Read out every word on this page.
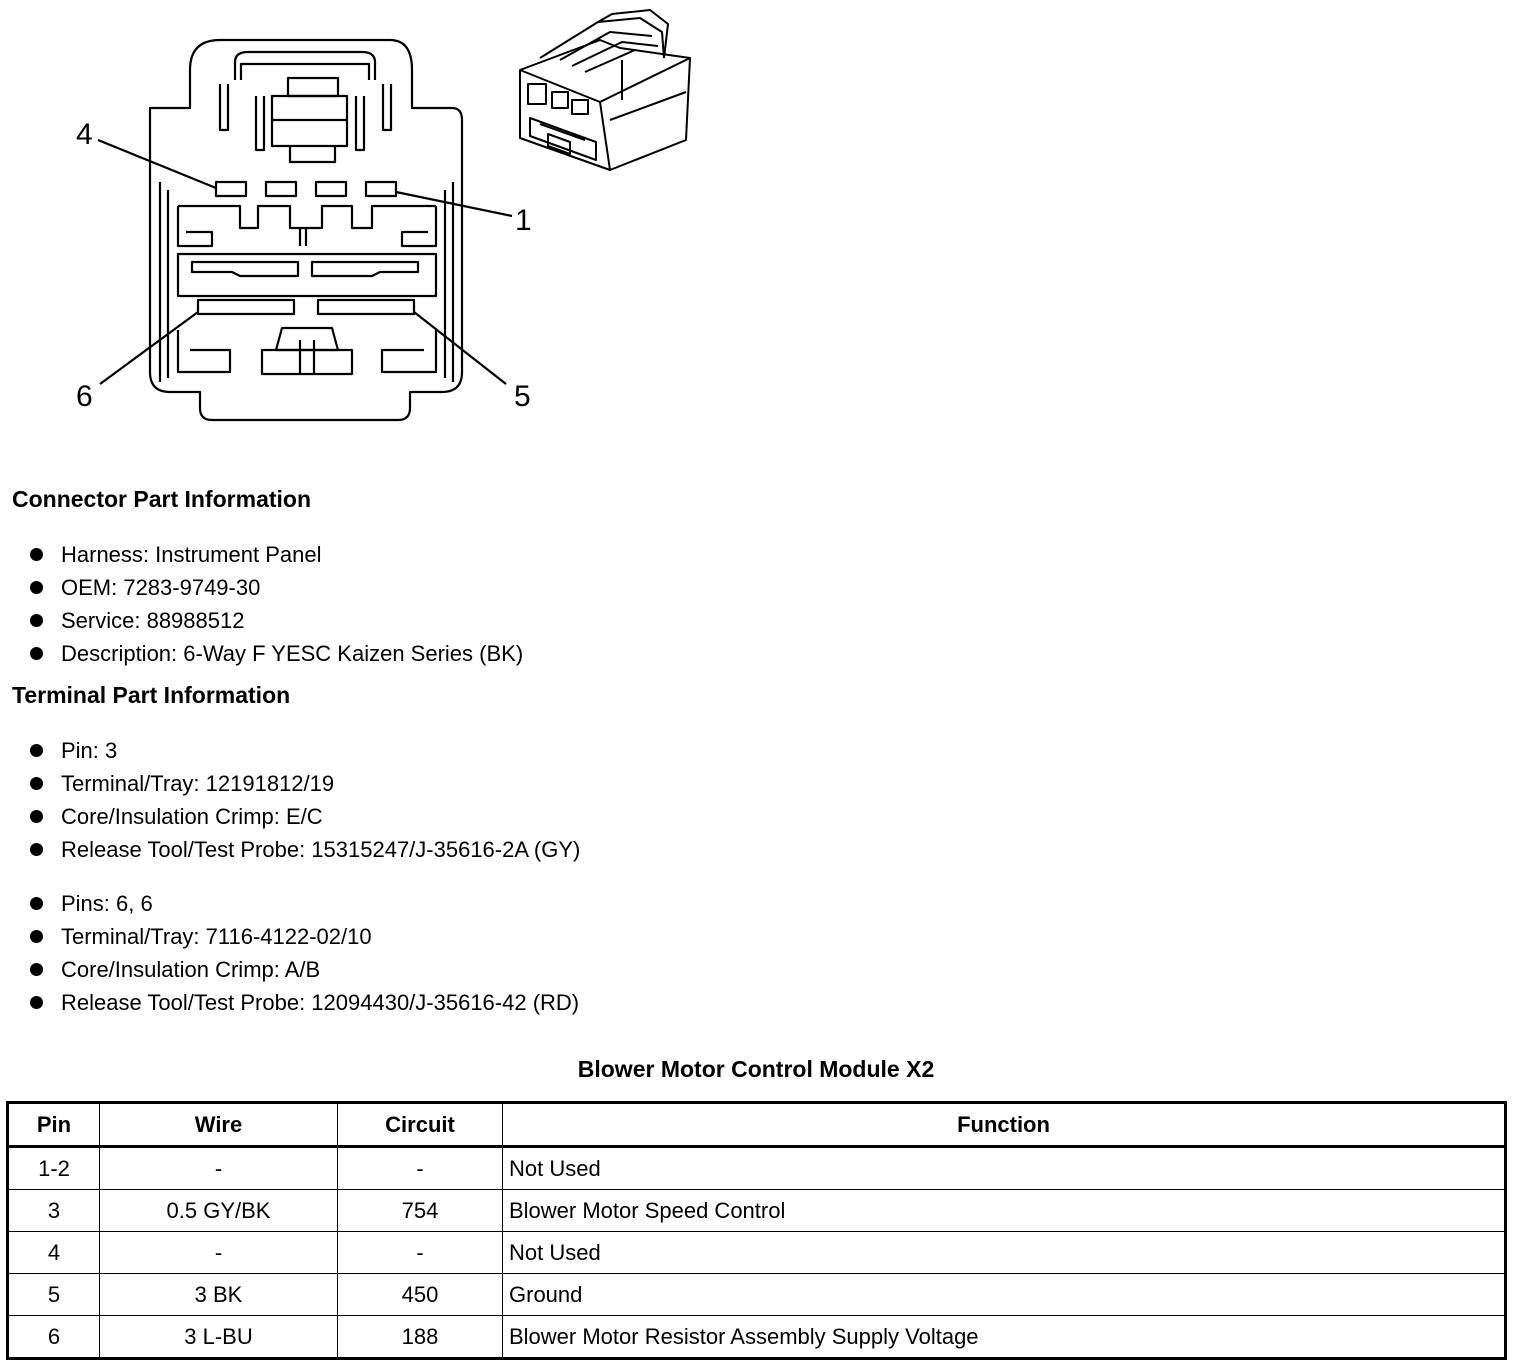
4
1
6	5
Connector Part Information
Harness: Instrument Panel
OEM: 7283-9749-30
Service: 88988512
Description: 6-Way F YESC Kaizen Series (BK)
Terminal Part Information
Pin: 3
Terminal/Tray: 12191812/19
Core/Insulation Crimp: E/C
Release Tool/Test Probe: 15315247/J-35616-2A (GY)
Pins: 6, 6
Terminal/Tray: 7116-4122-02/10
Core/Insulation Crimp: A/B
Release Tool/Test Probe: 12094430/J-35616-42 (RD)
Blower Motor Control Module X2
Pin	Wire	Circuit	Function
1-2	-	-	Not Used
3	0.5 GY/BK	754	Blower Motor Speed Control
4	-	-	Not Used
5	3 BK	450	Ground
6	3 L-BU	188	Blower Motor Resistor Assembly Supply Voltage
